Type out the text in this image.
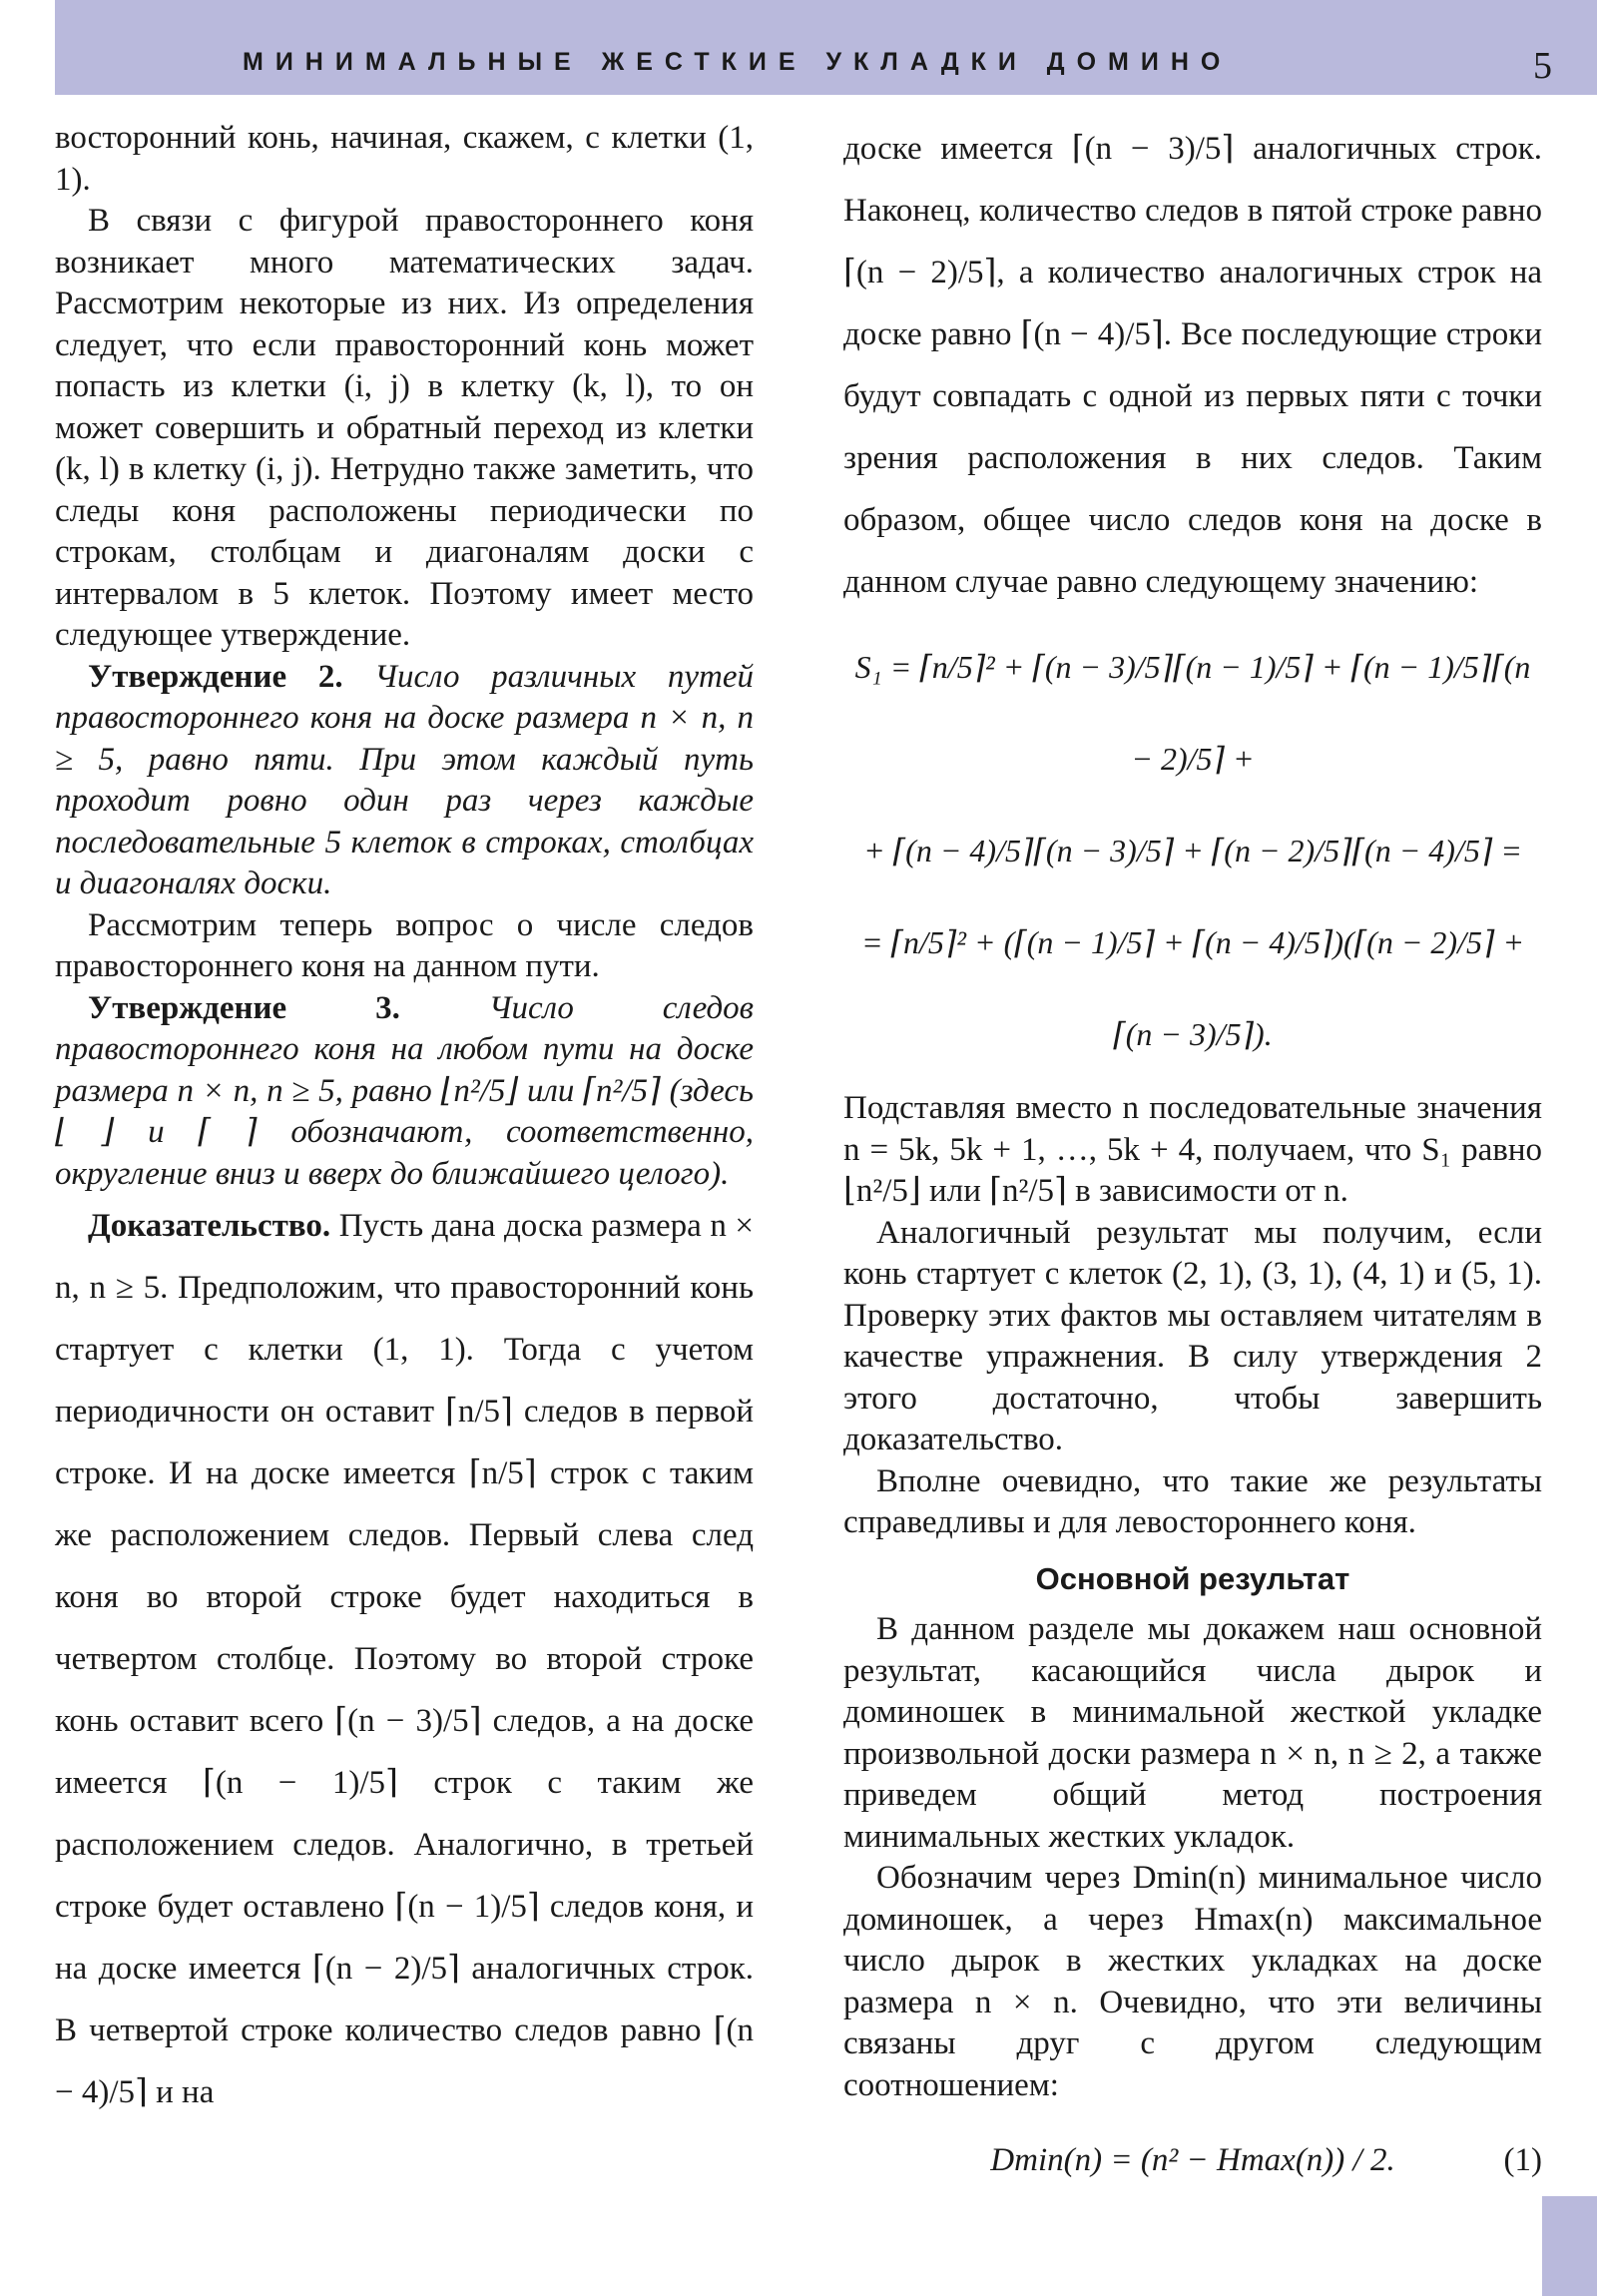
МИНИМАЛЬНЫЕ ЖЕСТКИЕ УКЛАДКИ ДОМИНО	5

восторонний конь, начиная, скажем, с клетки (1, 1).

В связи с фигурой правостороннего коня возникает много математических задач. Рассмотрим некоторые из них. Из определения следует, что если правосторонний конь может попасть из клетки (i, j) в клетку (k, l), то он может совершить и обратный переход из клетки (k, l) в клетку (i, j). Нетрудно также заметить, что следы коня расположены периодически по строкам, столбцам и диагоналям доски с интервалом в 5 клеток. Поэтому имеет место следующее утверждение.

Утверждение 2. Число различных путей правостороннего коня на доске размера n × n, n ≥ 5, равно пяти. При этом каждый путь проходит ровно один раз через каждые последовательные 5 клеток в строках, столбцах и диагоналях доски.

Рассмотрим теперь вопрос о числе следов правостороннего коня на данном пути.

Утверждение 3.	Число следов правостороннего коня на любом пути на доске размера n × n, n ≥ 5, равно ⌊n²/5⌋ или ⌈n²/5⌉ (здесь ⌊ ⌋ и ⌈ ⌉ обозначают, соответственно, округление вниз и вверх до ближайшего целого).

Доказательство. Пусть дана доска размера n × n, n ≥ 5. Предположим, что правосторонний конь стартует с клетки (1, 1). Тогда с учетом периодичности он оставит ⌈n/5⌉ следов в первой строке. И на доске имеется ⌈n/5⌉ строк с таким же расположением следов. Первый слева след коня во второй строке будет находиться в четвертом столбце. Поэтому во второй строке конь оставит всего ⌈(n − 3)/5⌉ следов, а на доске имеется ⌈(n − 1)/5⌉ строк с таким же расположением следов. Аналогично, в третьей строке будет оставлено ⌈(n − 1)/5⌉ следов коня, и на доске имеется ⌈(n − 2)/5⌉ аналогичных строк. В четвертой строке количество следов равно ⌈(n − 4)/5⌉ и на

доске имеется ⌈(n − 3)/5⌉ аналогичных строк. Наконец, количество следов в пятой строке равно ⌈(n − 2)/5⌉, а количество аналогичных строк на доске равно ⌈(n − 4)/5⌉. Все последующие строки будут совпадать с одной из первых пяти с точки зрения расположения в них следов. Таким образом, общее число следов коня на доске в данном случае равно следующему значению:

S₁ = ⌈n/5⌉² + ⌈(n − 3)/5⌉⌈(n − 1)/5⌉ + ⌈(n − 1)/5⌉⌈(n − 2)/5⌉ +
+ ⌈(n − 4)/5⌉⌈(n − 3)/5⌉ + ⌈(n − 2)/5⌉⌈(n − 4)/5⌉ =
= ⌈n/5⌉² + (⌈(n − 1)/5⌉ + ⌈(n − 4)/5⌉)(⌈(n − 2)/5⌉ + ⌈(n − 3)/5⌉).

Подставляя вместо n последовательные значения n = 5k, 5k + 1, …, 5k + 4, получаем, что S₁ равно ⌊n²/5⌋ или ⌈n²/5⌉ в зависимости от n.

Аналогичный результат мы получим, если конь стартует с клеток (2, 1), (3, 1), (4, 1) и (5, 1). Проверку этих фактов мы оставляем читателям в качестве упражнения. В силу утверждения 2 этого достаточно, чтобы завершить доказательство.

Вполне очевидно, что такие же результаты справедливы и для левостороннего коня.

Основной результат

В данном разделе мы докажем наш основной результат, касающийся числа дырок и доминошек в минимальной жесткой укладке произвольной доски размера n × n, n ≥ 2, а также приведем общий метод построения минимальных жестких укладок.

Обозначим через Dmin(n) минимальное число доминошек, а через Hmax(n) максимальное число дырок в жестких укладках на доске размера n × n. Очевидно, что эти величины связаны друг с другом следующим соотношением:

Dmin(n) = (n² − Hmax(n)) / 2.	(1)
